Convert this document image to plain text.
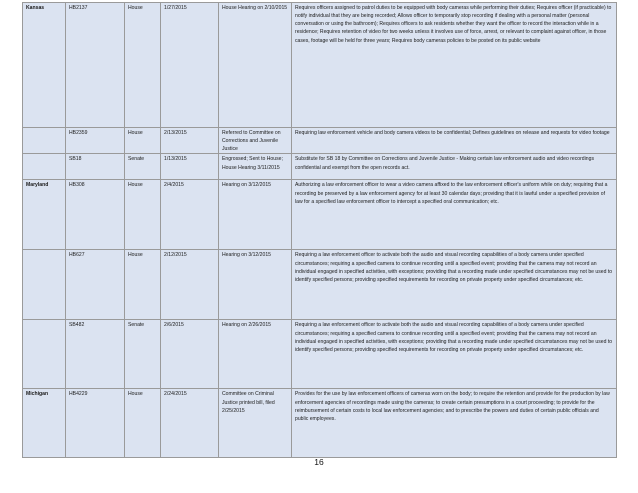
Kansas	HB2137	House	1/27/2015	House Hearing on 2/10/2015	Requires officers assigned to patrol duties to be equipped with body cameras while performing their duties; Requires officer (if practicable) to notify individual that they are being recorded; Allows officer to temporarily stop recording if dealing with a personal matter (personal conversation or using the bathroom); Requires officers to ask residents whether they want the officer to record the interaction while in a residence; Requires retention of video for two weeks unless it involves use of force, arrest, or relevant to complaint against officer, in those cases, footage will be held for three years; Requires body cameras policies to be posted on its public website
	HB2359	House	2/13/2015	Referred to Committee on Corrections and Juvenile Justice	Requiring law enforcement vehicle and body camera videos to be confidential; Defines guidelines on release and requests for video footage
	SB18	Senate	1/13/2015	Engrossed; Sent to House; House Hearing 3/11/2015	Substitute for SB 18 by Committee on Corrections and Juvenile Justice - Making certain law enforcement audio and video recordings confidential and exempt from the open records act.
Maryland	HB308	House	2/4/2015	Hearing on 3/12/2015	Authorizing a law enforcement officer to wear a video camera affixed to the law enforcement officer's uniform while on duty; requiring that a recording be preserved by a law enforcement agency for at least 30 calendar days; providing that it is lawful under a specified provision of law for a specified law enforcement officer to intercept a specified oral communication; etc.
	HB627	House	2/12/2015	Hearing on 3/12/2015	Requiring a law enforcement officer to activate both the audio and visual recording capabilities of a body camera under specified circumstances; requiring a specified camera to continue recording until a specified event; providing that the camera may not record an individual engaged in specified activities, with exceptions; providing that a recording made under specified circumstances may not be used to identify specified persons; providing specified requirements for recording on private property under specified circumstances; etc.
	SB482	Senate	2/6/2015	Hearing on 2/26/2015	Requiring a law enforcement officer to activate both the audio and visual recording capabilities of a body camera under specified circumstances; requiring a specified camera to continue recording until a specified event; providing that the camera may not record an individual engaged in specified activities, with exceptions; providing that a recording made under specified circumstances may not be used to identify specified persons; providing specified requirements for recording on private property under specified circumstances; etc.
Michigan	HB4229	House	2/24/2015	Committee on Criminal Justice printed bill, filed 2/25/2015	Provides for the use by law enforcement officers of cameras worn on the body; to require the retention and provide for the production by law enforcement agencies of recordings made using the cameras; to create certain presumptions in a court proceeding; to provide for the reimbursement of certain costs to local law enforcement agencies; and to prescribe the powers and duties of certain public officials and public employees.
16
